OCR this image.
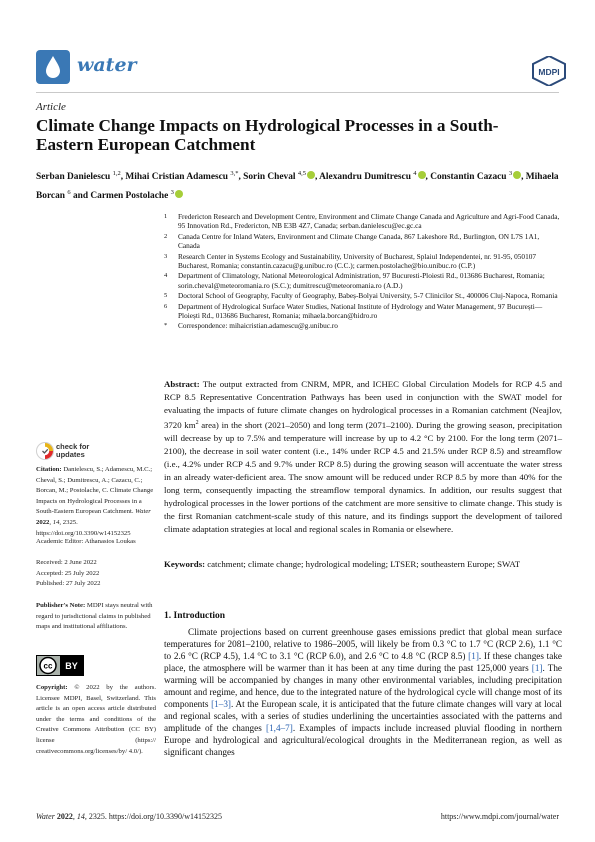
water	MDPI
Article
Climate Change Impacts on Hydrological Processes in a South-Eastern European Catchment
Serban Danielescu $^{1,2}$, Mihai Cristian Adamescu $^{3,*}$, Sorin Cheval $^{4,5}$ , Alexandru Dumitrescu $^4$ , Constantin Cazacu $^3$ , Mihaela Borcan $^6$ and Carmen Postolache $^3$
1	Fredericton Research and Development Centre, Environment and Climate Change Canada and Agriculture and Agri-Food Canada, 95 Innovation Rd., Fredericton, NB E3B 4Z7, Canada; serban.danielescu@ec.gc.ca
2	Canada Centre for Inland Waters, Environment and Climate Change Canada, 867 Lakeshore Rd., Burlington, ON L7S 1A1, Canada
3	Research Center in Systems Ecology and Sustainability, University of Bucharest, Splaiul Independentei, nr. 91-95, 050107 Bucharest, Romania; constantin.cazacu@g.unibuc.ro (C.C.); carmen.postolache@bio.unibuc.ro (C.P.)
4	Department of Climatology, National Meteorological Administration, 97 Bucuresti-Ploiesti Rd., 013686 Bucharest, Romania; sorin.cheval@meteoromania.ro (S.C.); dumitrescu@meteoromania.ro (A.D.)
5	Doctoral School of Geography, Faculty of Geography, Babeș-Bolyai University, 5-7 Clinicilor St., 400006 Cluj-Napoca, Romania
6	Department of Hydrological Surface Water Studies, National Institute of Hydrology and Water Management, 97 București—Ploiești Rd., 013686 Bucharest, Romania; mihaela.borcan@hidro.ro
*	Correspondence: mihaicristian.adamescu@g.unibuc.ro
Abstract: The output extracted from CNRM, MPR, and ICHEC Global Circulation Models for RCP 4.5 and RCP 8.5 Representative Concentration Pathways has been used in conjunction with the SWAT model for evaluating the impacts of future climate changes on hydrological processes in a Romanian catchment (Neajlov, 3720 $km^2$ area) in the short (2021–2050) and long term (2071–2100). During the growing season, precipitation will decrease by up to 7.5% and temperature will increase by up to 4.2 °C by 2100. For the long term (2071–2100), the decrease in soil water content (i.e., 14% under RCP 4.5 and 21.5% under RCP 8.5) and streamflow (i.e., 4.2% under RCP 4.5 and 9.7% under RCP 8.5) during the growing season will accentuate the water stress in an already water-deficient area. The snow amount will be reduced under RCP 8.5 by more than 40% for the long term, consequently impacting the streamflow temporal dynamics. In addition, our results suggest that hydrological processes in the lower portions of the catchment are more sensitive to climate change. This study is the first Romanian catchment-scale study of this nature, and its findings support the development of tailored climate adaptation strategies at local and regional scales in Romania or elsewhere.
Keywords: catchment; climate change; hydrological modeling; LTSER; southeastern Europe; SWAT
check for
updates
Citation: Danielescu, S.; Adamescu, M.C.; Cheval, S.; Dumitrescu, A.; Cazacu, C.; Borcan, M.; Postolache, C. Climate Change Impacts on Hydrological Processes in a South-Eastern European Catchment. Water 2022, 14, 2325. https://doi.org/10.3390/w14152325
Academic Editor: Athanasios Loukas
Received: 2 June 2022
Accepted: 25 July 2022
Published: 27 July 2022
Publisher's Note: MDPI stays neutral with regard to jurisdictional claims in published maps and institutional affiliations.
cc BY
Copyright: © 2022 by the authors. Licensee MDPI, Basel, Switzerland. This article is an open access article distributed under the terms and conditions of the Creative Commons Attribution (CC BY) license (https:// creativecommons.org/licenses/by/ 4.0/).
1. Introduction
Climate projections based on current greenhouse gases emissions predict that global mean surface temperatures for 2081–2100, relative to 1986–2005, will likely be from 0.3 °C to 1.7 °C (RCP 2.6), 1.1 °C to 2.6 °C (RCP 4.5), 1.4 °C to 3.1 °C (RCP 6.0), and 2.6 °C to 4.8 °C (RCP 8.5) [1]. If these changes take place, the atmosphere will be warmer than it has been at any time during the past 125,000 years [1]. The warming will be accompanied by changes in many other environmental variables, including precipitation amount and regime, and hence, due to the integrated nature of the hydrological cycle will change most of its components [1–3]. At the European scale, it is anticipated that the future climate changes will vary at local and regional scales, with a series of studies underlining the uncertainties associated with the patterns and amplitude of the changes [1,4–7]. Examples of impacts include increased pluvial flooding in northern Europe and hydrological and agricultural/ecological droughts in the Mediterranean region, as well as significant changes
Water 2022, 14, 2325. https://doi.org/10.3390/w14152325	https://www.mdpi.com/journal/water
